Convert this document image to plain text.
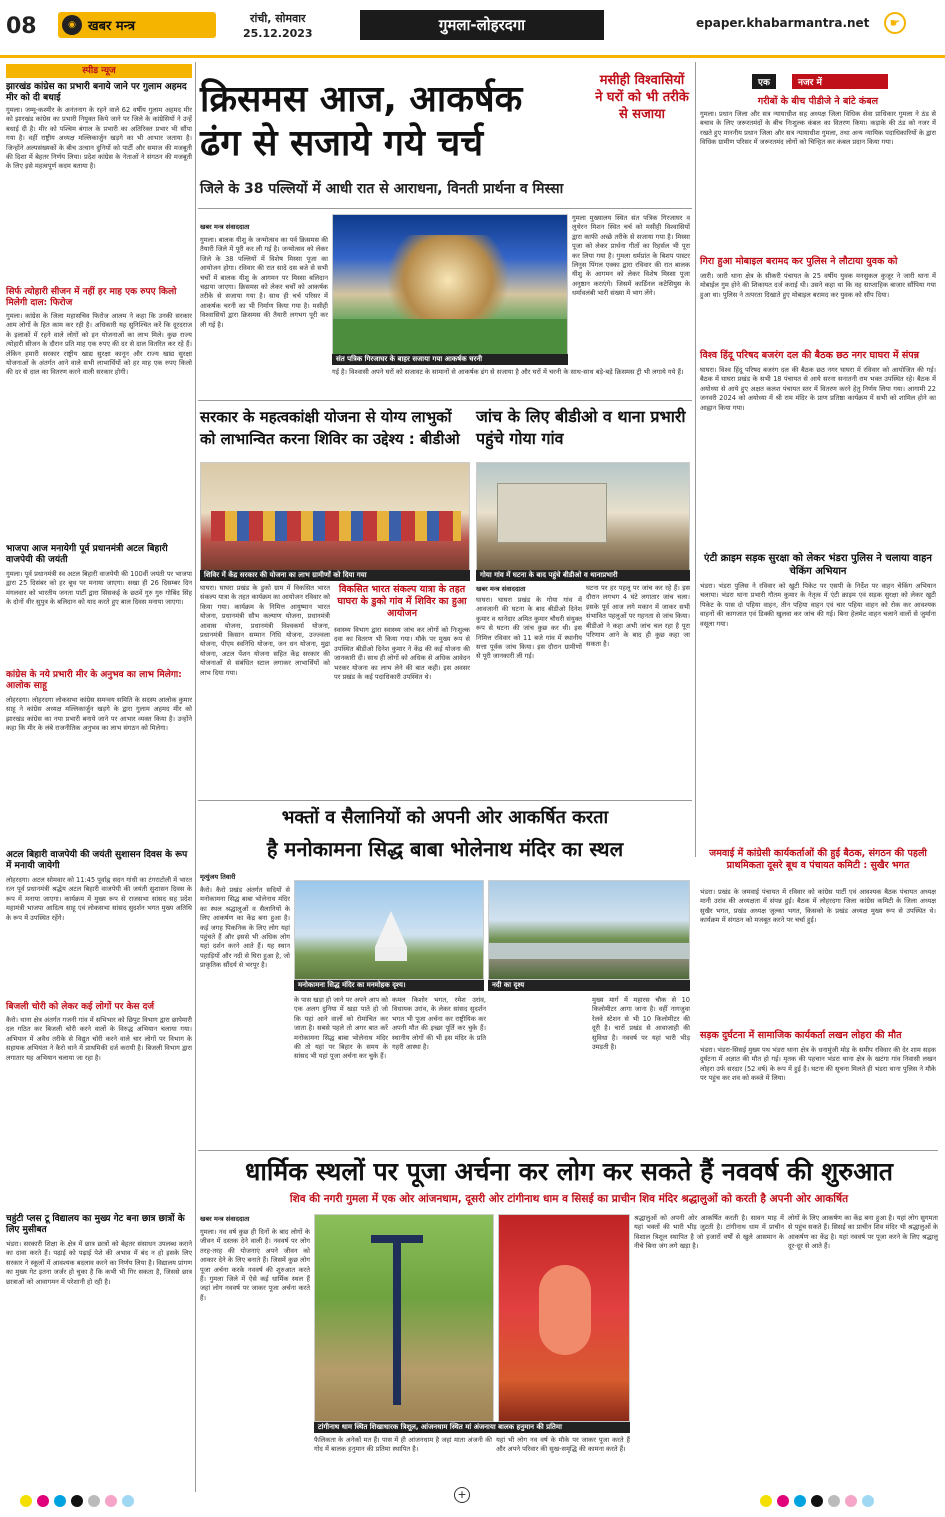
08	◉ खबर मन्त्र
रांची, सोमवार
25.12.2023	गुमला-लोहरदगा	epaper.khabarmantra.net	☛
स्पीड न्यूज
झारखंड कांग्रेस का प्रभारी बनाये जाने पर गुलाम अहमद मीर को दी बधाई
गुमला। जम्मू-कश्मीर के अनंतनाग के रहने वाले 62 वर्षीय गुलाम अहमद मीर को झारखंड कांग्रेस का प्रभारी नियुक्त किये जाने पर जिले के कांग्रेसियों ने उन्हें बधाई दी है। मीर को पश्चिम बंगाल के प्रभारी का अतिरिक्त प्रभार भी सौंपा गया है। वहीं राष्ट्रीय अध्यक्ष मल्लिकार्जुन खड़गे का भी आभार जताया है। जिन्होंने अल्पसंख्यकों के बीच उत्थान दुनियों को पार्टी और समाज की मजबूती की दिशा में बेहतर निर्णय लिया। प्रदेश कांग्रेस के नेताओं ने संगठन की मजबूती के लिए इसे महत्वपूर्ण कदम बताया है।
सिर्फ त्योहारी सीजन में नहीं हर माह एक रुपए किलो मिलेगी दाल: फिरोज
गुमला। कांग्रेस के जिला महासचिव फिरोज आलम ने कहा कि उनकी सरकार आम लोगों के हित काम कर रही है। अधिकारी यह सुनिश्चित करें कि दूरदराज के इलाकों में रहने वाले लोगों को इन योजनाओं का लाभ मिले। कुछ राज्य त्योहारी सीजन के दौरान प्रति माह एक रुपए की दर से दाल वितरित कर रहे हैं। लेकिन हमारी सरकार राष्ट्रीय खाद्य सुरक्षा कानून और राज्य खाद्य सुरक्षा योजनाओं के अंतर्गत आने वाले सभी लाभार्थियों को हर माह एक रुपए किलो की दर से दाल का वितरण करने वाली सरकार होगी।
भाजपा आज मनायेगी पूर्व प्रधानमंत्री अटल बिहारी वाजपेयी की जयंती
गुमला। पूर्व प्रधानमंत्री स्व अटल बिहारी वाजपेयी की 100वीं जयंती पर भाजपा द्वारा 25 दिसंबर को हर बूथ पर मनाया जाएगा। सखा ही 26 दिसम्बर दिन मंगलवार को भारतीय जनता पार्टी द्वारा सिसकई के छठवें गुरु गुरु गोबिंद सिंह के दोनों वीर सुपुत्र के बलिदान को याद करते हुए बाल दिवस मनाया जाएगा।
कांग्रेस के नये प्रभारी मीर के अनुभव का लाभ मिलेगा: आलोक साहू
लोहरदगा। लोहरदगा लोकसभा कांग्रेस समन्वय समिति के सदस्य आलोक कुमार साहू ने कांग्रेस अध्यक्ष मल्लिकार्जुन खड़गे के द्वारा गुलाम अहमद मीर को झारखंड कांग्रेस का नया प्रभारी बनाये जाने पर आभार व्यक्त किया है। उन्होंने कहा कि मीर के लंबे राजनीतिक अनुभव का लाभ संगठन को मिलेगा।
अटल बिहारी वाजपेयी की जयंती सुशासन दिवस के रूप में मनायी जायेगी
लोहरदगा। अटल सोमवार को 11:45 पूर्वाह्न सदन गांधी का टंगराटोली में भारत रत्न पूर्व प्रधानमंत्री श्रद्धेय अटल बिहारी वाजपेयी की जयंती सुशासन दिवस के रूप में मनाया जाएगा। कार्यक्रम में मुख्य रूप से राजसभा सांसद सह प्रदेश महामंत्री भाजपा आदित्य साहू एवं लोकसभा सांसद सुदर्शन भगत मुख्य अतिथि के रूप में उपस्थित रहेंगे।
बिजली चोरी को लेकर कई लोगों पर केस दर्ज
कैरो। थाना क्षेत्र अंतर्गत गजनी गांव में सभिभार को छिपुट विभाग द्वारा छापेमारी दल गठित कर बिजली चोरी करने वालों के विरुद्ध अभियान चलाया गया। अभियान में अवैध तरीके से विद्युत चोरी करने वाले चार लोगों पर विभाग के सहायक अभियंता ने कैरो थाने में प्राथमिकी दर्ज करायी है। बिजली विभाग द्वारा लगातार यह अभियान चलाया जा रहा है।
चहुंटी प्लस टू विद्यालय का मुख्य गेट बना छात्र छात्रों के लिए मुसीबत
भंडरा। सरकारी शिक्षा के क्षेत्र में छात्र छात्रों को बेहतर संसाधन उपलब्ध कराने का दावा करते हैं। पढ़ाई को पढ़ाई पेशे की अभाव में बंद न हो इसके लिए सरकार ने स्कूलों में आवश्यक बदलाव करने का निर्णय लिया है। विद्यालय प्रांगण का मुख्य गेट इतना जर्जर हो चुका है कि कभी भी गिर सकता है, जिससे छात्र छात्राओं को आवागमन में परेशानी हो रही है।
क्रिसमस आज, आकर्षक
ढंग से सजाये गये चर्च
मसीही विश्वासियों ने घरों को भी तरीके से सजाया
जिले के 38 पल्लियों में आधी रात से आराधना, विनती प्रार्थना व मिस्सा
खबर मन्त्र संवाददाता
गुमला। बालक यीशु के जन्मोत्सव का पर्व क्रिसमस की तैयारी जिले में पूरी कर ली गई है। जन्मोत्सव को लेकर जिले के 38 पल्लियों में विशेष मिस्सा पूजा का आयोजन होगा। रविवार की रात सादे दस बजे से सभी चर्चों में बालक यीशु के आगमन पर मिस्सा बलिदान चढ़ाया जाएगा। क्रिसमस को लेकर चर्चों को आकर्षक तरीके से सजाया गया है। साथ ही चर्च परिसर में आकर्षक चरनी का भी निर्माण किया गया है। मसीही विश्वासियों द्वारा क्रिसमस की तैयारी लगभग पूरी कर ली गई है।
संत पत्रिक गिरजाघर के बाहर सजाया गया आकर्षक चरनी
गुमला मुख्यालय स्थित संत पत्रिक गिरजाघर व लुथेरन मिशन स्थित चर्च को मसीही विश्वासियों द्वारा काफी अच्छे तरीके से सजाया गया है। मिस्सा पूजा को लेकर प्रार्थना गीतों का रिहर्सल भी पूरा कर लिया गया है। गुमला धर्मप्रांत के बिशप पास्टर लिनुस पिंगल एक्का द्वारा रविवार की रात बालक यीशु के आगमन को लेकर विशेष मिस्सा पूजा अनुष्ठान कराएंगे। जिसमें कार्डिनल कटेसियुस के धर्मावलंबी भारी संख्या में भाग लेंगे।
गई है। विश्वासी अपने घरों को सजावट के सामानों से आकर्षक ढंग से सजाया है और घरों में चरनी के साथ-साथ बड़े-बड़े क्रिसमस ट्री भी लगाये गये हैं।
सरकार के महत्वकांक्षी योजना से योग्य लाभुकों को लाभान्वित करना शिविर का उद्देश्य : बीडीओ
शिविर में केंद्र सरकार की योजना का लाभ ग्रामीणों को दिया गया
घाघरा। घाघरा प्रखंड के डुको ग्राम में विकसित भारत संकल्प यात्रा के तहत कार्यक्रम का आयोजन रविवार को किया गया। कार्यक्रम के निमित्त आयुष्मान भारत योजना, प्रधानमंत्री सौभ कल्याण योजना, प्रधानमंत्री आवास योजना, प्रधानमंत्री विश्वकर्मा योजना, प्रधानमंत्री किसान सम्मान निधि योजना, उज्ज्वला योजना, पीएम स्वनिधि योजना, जन धन योजना, मुद्रा योजना, अटल पेंशन योजना सहित केंद्र सरकार की योजनाओं से संबंधित स्टाल लगाकर लाभार्थियों को लाभ दिया गया।
विकसित भारत संकल्प यात्रा के तहत घाघरा के डुको गांव में शिविर का हुआ आयोजन
स्वास्थ्य विभाग द्वारा स्वास्थ्य जांच कर लोगों को निःशुल्क दवा का वितरण भी किया गया। मौके पर मुख्य रूप से उपस्थित बीडीओ दिनेश कुमार ने केंद्र की कई योजना की जानकारी दी। साथ ही लोगों को अधिक से अधिक आवेदन भरकर योजना का लाभ लेने की बात कही। इस अवसर पर प्रखंड के कई पदाधिकारी उपस्थित थे।
जांच के लिए बीडीओ व थाना प्रभारी पहुंचे गोया गांव
गोया गांव में घटना के बाद पहुंचे बीडीओ व थानाप्रभारी
खबर मन्त्र संवाददाता
घाघरा। घाघरा प्रखंड के गोया गांव में आवजानी की घटना के बाद बीडीओ दिनेश कुमार व थानेदार अमित कुमार चौधरी संयुक्त रूप से घटना की जांच कुछ कर थी। इस निमित्त रविवार को 11 बजे गांव में स्थानीय सत्ता पूर्वक जांच किया। इस दौरान ग्रामीणों से पूरी जानकारी ली गई।
घटना पर हर पहलू पर जांच कर रहे हैं। इस दौरान लगभग 4 घंटे लगातार जांच चला। इसके पूर्व आज लगे मकान में जाकर सभी संभावित पहलुओं पर गहनता से जांच किया। बीडीओ ने कहा अभी जांच चल रहा है पूरा परिणाम आने के बाद ही कुछ कहा जा सकता है।
एक	नजर में
गरीबों के बीच पीडीजे ने बांटे कंबल
गुमला। प्रधान जिला और सत्र न्यायाधीश सह अध्यक्ष जिला विधिक सेवा प्राधिकार गुमला ने ठंड से बचाव के लिए जरूरतमंदों के बीच निःशुल्क कंबल का वितरण किया। कड़ाके की ठंड को नजर में रखते हुए माननीय प्रधान जिला और सत्र न्यायाधीश गुमला, तथा अन्य न्यायिक पदाधिकारियों के द्वारा विधिक ग्रामीण परिसर में जरूरतमंद लोगों को चिन्हित कर कंबल प्रदान किया गया।
गिरा हुआ मोबाइल बरामद कर पुलिस ने लौटाया युवक को
जारी। जारी थाना क्षेत्र के सीकरी पंचायत के 25 वर्षीय युवक मनसुकल कुजूर ने जारी थाना में मोबाईल गुम होने की शिकायत दर्ज कराई थी। उसने कहा था कि वह साप्ताहिक बाजार सौंपिया गया हुआ था। पुलिस ने तत्परता दिखाते हुए मोबाइल बरामद कर युवक को सौंप दिया।
विश्व हिंदू परिषद बजरंग दल की बैठक छठ नगर घाघरा में संपन्न
घाघरा। विश्व हिंदू परिषद बजरंग दल की बैठक छठ नगर घाघरा में रविवार को आयोजित की गई। बैठक में घाघरा प्रखंड के सभी 18 पंचायत से आये सरना सनातनी राम भक्त उपस्थित रहे। बैठक में अयोध्या से आये हुए अक्षत कलश पंचायत स्तर में वितरण करने हेतु निर्णय लिया गया। आगामी 22 जनवरी 2024 को अयोध्या में श्री राम मंदिर के प्राण प्रतिष्ठा कार्यक्रम में सभी को शामिल होने का आह्वान किया गया।
एंटी क्राइम सड़क सुरक्षा को लेकर भंडरा पुलिस ने चलाया वाहन चेकिंग अभियान
भंडरा। भंडरा पुलिस ने रविवार को खुटी पिकेट पर एसपी के निर्देश पर वाहन चेकिंग अभियान चलाया। भंडरा थाना प्रभारी गौतम कुमार के नेतृत्व में एंटी क्राइम एवं सड़क सुरक्षा को लेकर खुटी पिकेट के पास दो पहिया वाहन, तीन पहिया वाहन एवं चार पहिया वाहन को रोक कर आवश्यक वाहनों की कागजात एवं डिक्की खुलवा कर जांच की गई। बिना हेलमेट वाहन चलाने वालों से जुर्माना वसूला गया।
जमवाई में कांग्रेसी कार्यकर्ताओं की हुई बैठक, संगठन की पहली प्राथमिकता दूसरे बूथ व पंचायत कमिटी : सुखैर भगत
भंडरा। प्रखंड के जमवाई पंचायत में रविवार को कांग्रेस पार्टी एवं आवश्यक बैठक पंचायत अध्यक्ष मानी उरांव की अध्यक्षता में संपन्न हुई। बैठक में लोहरदगा जिला कांग्रेस कमिटी के जिला अध्यक्ष सुखैर भगत, प्रखंड अध्यक्ष जुल्का भगत, किसको के प्रखंड अध्यक्ष मुख्य रूप से उपस्थित थे। कार्यक्रम में संगठन को मजबूत करने पर चर्चा हुई।
सड़क दुर्घटना में सामाजिक कार्यकर्ता लखन लोहरा की मौत
भंडरा। भंडरा-सिसई मुख्य पथ भंडरा थाना क्षेत्र के धनामुंजी मोड़ के समीप रविवार की देर शाम सड़क दुर्घटना में अज्ञात की मौत हो गई। मृतक की पहचान भंडरा थाना क्षेत्र के खटंगा गांव निवासी लखन लोहरा उर्फ सरदार (52 वर्ष) के रूप में हुई है। घटना की सूचना मिलते ही भंडरा थाना पुलिस ने मौके पर पहुंच कर शव को कब्जे में लिया।
भक्तों व सैलानियों को अपनी ओर आकर्षित करता
है मनोकामना सिद्ध बाबा भोलेनाथ मंदिर का स्थल
मृत्युंजय तिवारी
कैरो। कैरो प्रखंड अंतर्गत सदियों से मनोकामना सिद्ध बाबा भोलेनाथ मंदिर का स्थल श्रद्धालुओं व सैलानियों के लिए आकर्षण का केंद्र बना हुआ है। कई जगह पिकनिक के लिए लोग यहां पहुंचते हैं और इससे भी अधिक लोग यहां दर्शन करने आते हैं। यह स्थान पहाड़ियों और नदी से घिरा हुआ है, जो प्राकृतिक सौंदर्य से भरपूर है।
मनोकामना सिद्ध मंदिर का मनमोहक दृश्य।	नदी का दृश्य
के पास खड़ा हो जाने पर अपने आप को एक अलग दुनिया में खड़ा पाते हो जो कि यहां आने वालों को रोमांचित कर जाता है। सबसे पहले तो अगर बात करें मनोकामना सिद्ध बाबा भोलेनाथ मंदिर की तो यहां पर बिहार के समय के सांसद भी यहां पूजा अर्चना कर चुके हैं।
कमल किशोर भगत, रमेश उरांव, विधायक उरांव, के लेकर सांसद सुदर्शन भगत भी पूजा अर्चना कर राष्ट्रीयिक कर अपनी मौत की इच्छा पूर्ति कर चुके हैं। स्थानीय लोगों की भी इस मंदिर के प्रति गहरी आस्था है।
मुख्य मार्ग में महारस चौक से 10 किलोमीटर आगा जाना है। वहीं नागजुवा रेलवे स्टेशन से भी 10 किलोमीटर की दूरी है। चारों प्रखंड से आवाजाही की सुविधा है। नववर्ष पर यहां भारी भीड़ उमड़ती है।
धार्मिक स्थलों पर पूजा अर्चना कर लोग कर सकते हैं नववर्ष की शुरुआत
शिव की नगरी गुमला में एक ओर आंजनधाम, दूसरी ओर टांगीनाथ धाम व सिसई का प्राचीन शिव मंदिर श्रद्धालुओं को करती है अपनी ओर आकर्षित
खबर मन्त्र संवाददाता
गुमला। नव वर्ष कुछ ही दिनों के बाद लोगों के जीवन में दस्तक देने वाली है। नववर्ष पर लोग तरह-तरह की योजनाएं अपने जीवन को आकार देने के लिए बनाते हैं। जिसमें कुछ लोग पूजा अर्चना करके नववर्ष की शुरुआत करते हैं। गुमला जिले में ऐसे कई धार्मिक स्थल हैं जहां लोग नववर्ष पर जाकर पूजा अर्चना करते हैं।
टांगीनाथ धाम स्थित शिखाधारक त्रिशूल, आंजनधाम स्थित मां अंजनाया बालक हनुमान की प्रतिमा
फैलिकता के अनेकों मत हैं। पास में ही आंजनधाम है जहां माता अंजनी की गोद में बालक हनुमान की प्रतिमा स्थापित है।
यहां भी लोग नव वर्ष के मौके पर जाकर पूजा करते हैं और अपने परिवार की सुख-समृद्धि की कामना करते हैं।
श्रद्धालुओं को अपनी ओर आकर्षित करती है। सावन माह में यहां भक्तों की भारी भीड़ जुटती है। टांगीनाथ धाम में प्राचीन विशाल त्रिशूल स्थापित है जो हजारों वर्षों से खुले आसमान के नीचे बिना जंग लगे खड़ा है।
लोगों के लिए आकर्षण का केंद्र बना हुआ है। यहां लोग सुगमता से पहुंच सकते हैं। सिसई का प्राचीन शिव मंदिर भी श्रद्धालुओं के आकर्षण का केंद्र है। यहां नववर्ष पर पूजा करने के लिए श्रद्धालु दूर-दूर से आते हैं।
+
